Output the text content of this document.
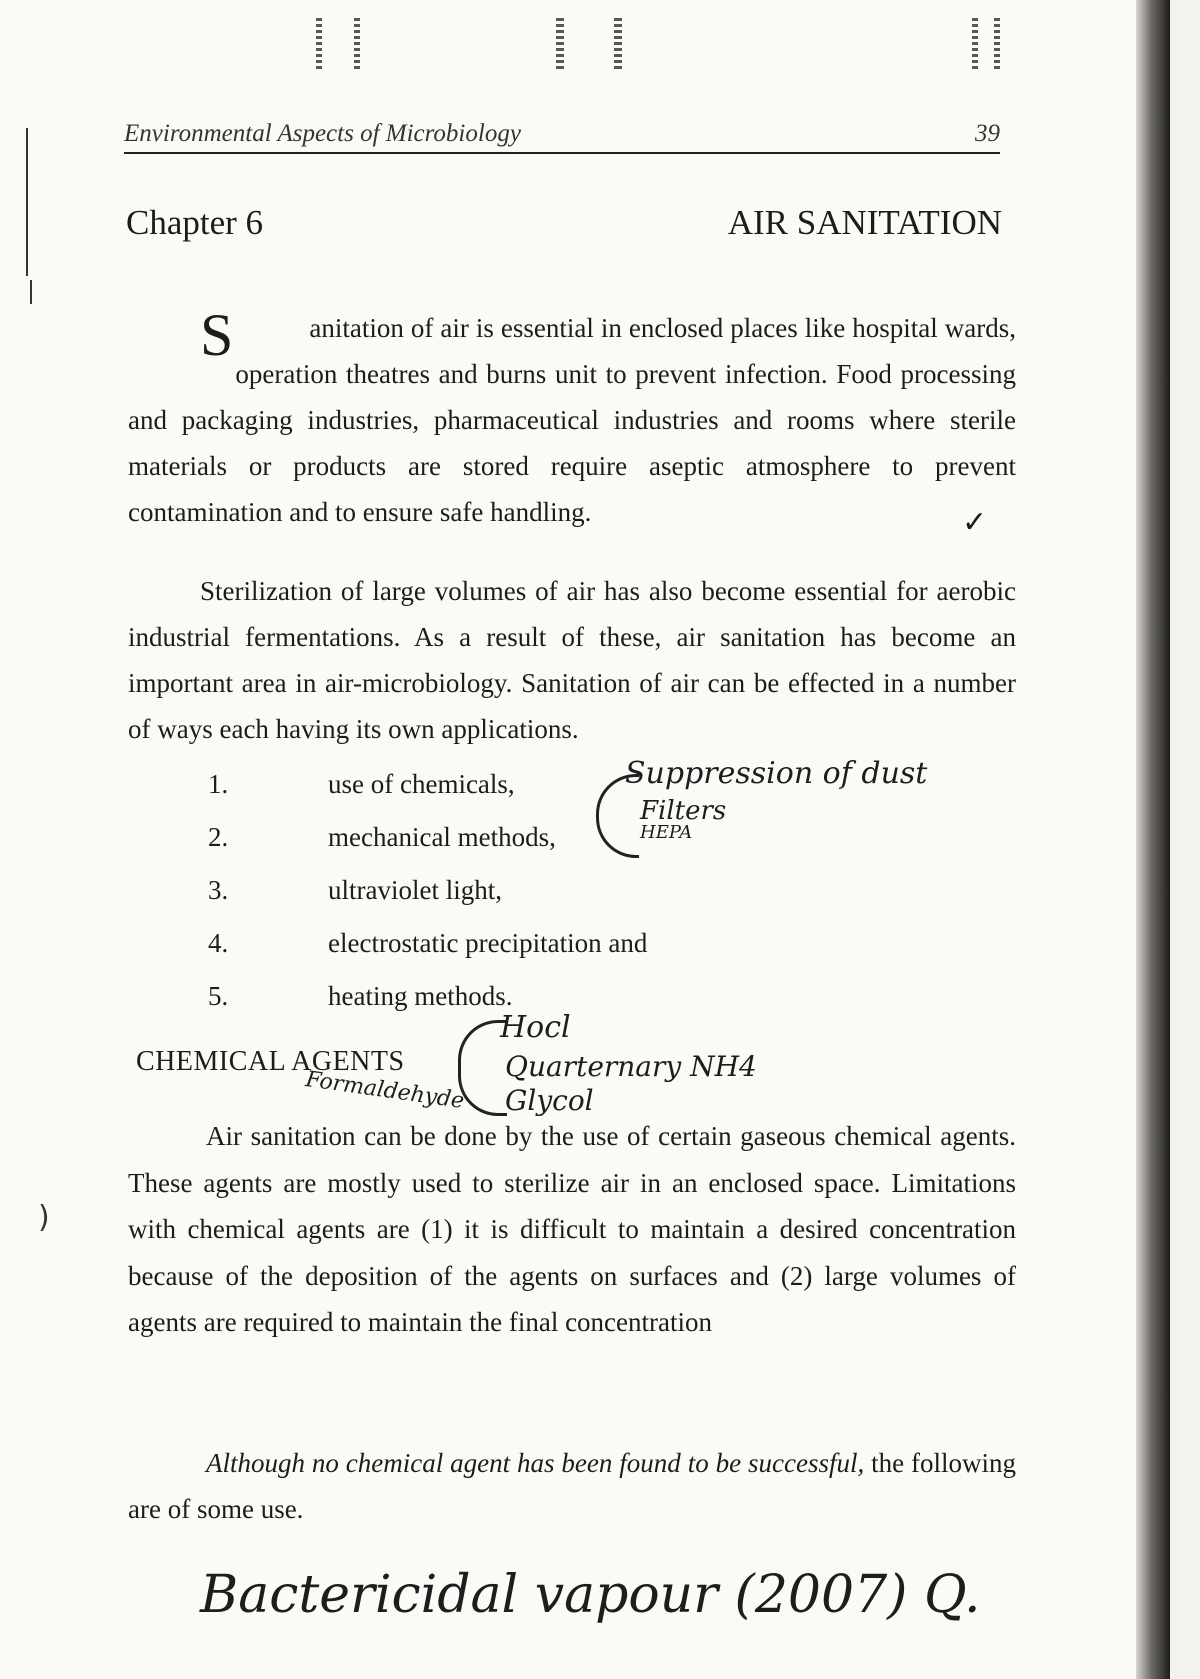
)
Environmental Aspects of Microbiology	39
Chapter 6	AIR SANITATION
S	anitation of air is essential in enclosed places like hospital wards, operation theatres and burns unit to prevent infection. Food processing and packaging industries, pharmaceutical industries and rooms where sterile materials or products are stored require aseptic atmosphere to prevent contamination and to ensure safe handling.	✓
Sterilization of large volumes of air has also become essential for aerobic industrial fermentations. As a result of these, air sanitation has become an important area in air-microbiology. Sanitation of air can be effected in a number of ways each having its own applications.
1.	use of chemicals,
2.	mechanical methods,
3.	ultraviolet light,
4.	electrostatic precipitation and
5.	heating methods.
Suppression of dust
Filters
HEPA
CHEMICAL AGENTS
Hocl
Quarternary NH4
Glycol
Formaldehyde
Air sanitation can be done by the use of certain gaseous chemical agents. These agents are mostly used to sterilize air in an enclosed space. Limitations with chemical agents are (1) it is difficult to maintain a desired concentration because of the deposition of the agents on surfaces and (2) large volumes of agents are required to maintain the final concentration
Although no chemical agent has been found to be successful, the following are of some use.
Bactericidal vapour (2007) Q.
